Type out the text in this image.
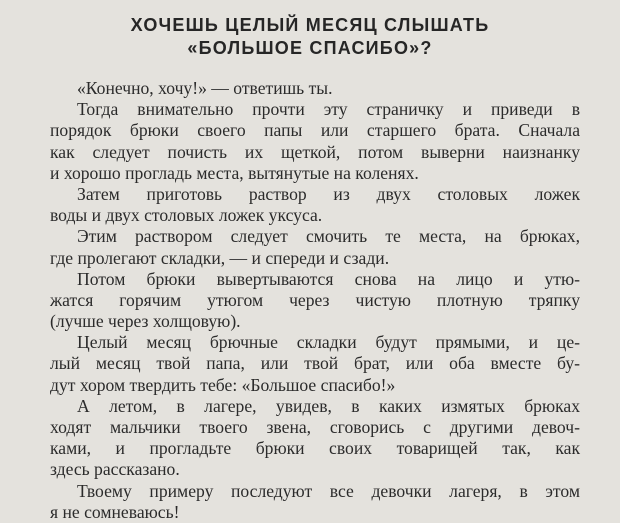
ХОЧЕШЬ ЦЕЛЫЙ МЕСЯЦ СЛЫШАТЬ
«БОЛЬШОЕ СПАСИБО»?
«Конечно, хочу!» — ответишь ты.
Тогда внимательно прочти эту страничку и приведи в
порядок брюки своего папы или старшего брата. Сначала
как следует почисть их щеткой, потом выверни наизнанку
и хорошо прогладь места, вытянутые на коленях.
Затем приготовь раствор из двух столовых ложек
воды и двух столовых ложек уксуса.
Этим раствором следует смочить те места, на брюках,
где пролегают складки, — и спереди и сзади.
Потом брюки вывертываются снова на лицо и утю-
жатся горячим утюгом через чистую плотную тряпку
(лучше через холщовую).
Целый месяц брючные складки будут прямыми, и це-
лый месяц твой папа, или твой брат, или оба вместе бу-
дут хором твердить тебе: «Большое спасибо!»
А летом, в лагере, увидев, в каких измятых брюках
ходят мальчики твоего звена, сговорись с другими девоч-
ками, и прогладьте брюки своих товарищей так, как
здесь рассказано.
Твоему примеру последуют все девочки лагеря, в этом
я не сомневаюсь!
